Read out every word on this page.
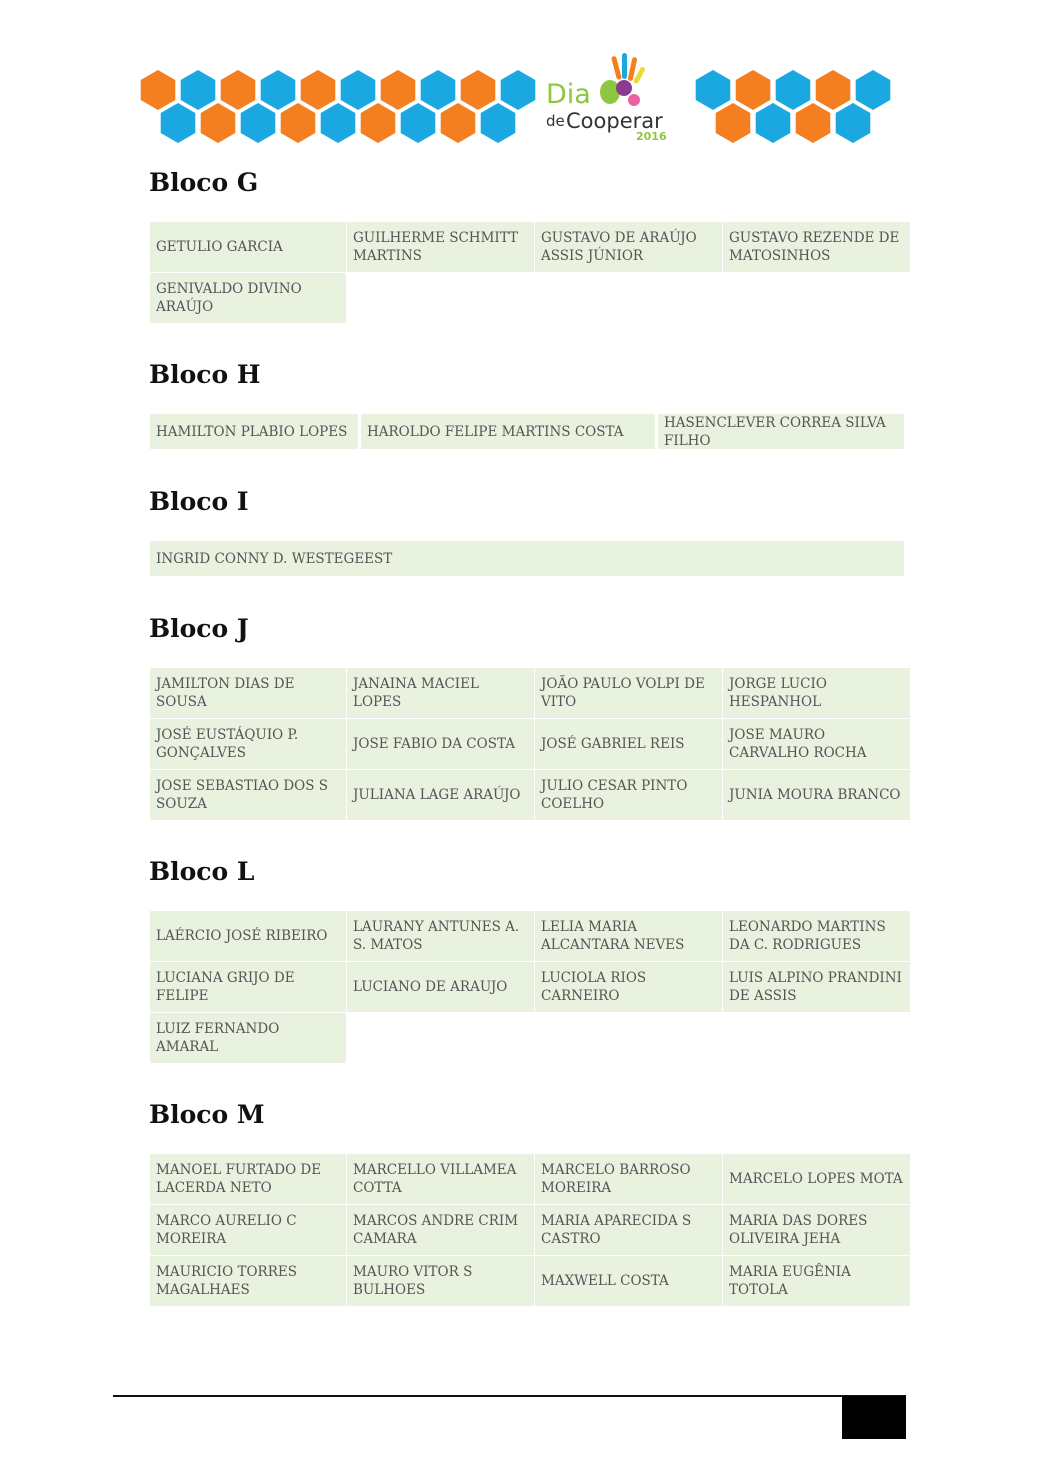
Dia
de Cooperar
2016
Bloco G
GETULIO GARCIA
GUILHERME SCHMITT MARTINS
GUSTAVO DE ARAÚJO ASSIS JÚNIOR
GUSTAVO REZENDE DE MATOSINHOS
GENIVALDO DIVINO ARAÚJO
Bloco H
HAMILTON PLABIO LOPES	HAROLDO FELIPE MARTINS COSTA
HASENCLEVER CORREA SILVA FILHO
Bloco I
INGRID CONNY D. WESTEGEEST
Bloco J
JAMILTON DIAS DE SOUSA
JANAINA MACIEL LOPES
JOÃO PAULO VOLPI DE VITO
JORGE LUCIO HESPANHOL
JOSÉ EUSTÁQUIO P. GONÇALVES
JOSE FABIO DA COSTA	JOSÉ GABRIEL REIS
JOSE MAURO CARVALHO ROCHA
JOSE SEBASTIAO DOS S SOUZA
JULIANA LAGE ARAÚJO
JULIO CESAR PINTO COELHO
JUNIA MOURA BRANCO
Bloco L
LAÉRCIO JOSÉ RIBEIRO
LAURANY ANTUNES A. S. MATOS
LELIA MARIA ALCANTARA NEVES
LEONARDO MARTINS DA C. RODRIGUES
LUCIANA GRIJO DE FELIPE
LUCIANO DE ARAUJO
LUCIOLA RIOS CARNEIRO
LUIS ALPINO PRANDINI DE ASSIS
LUIZ FERNANDO AMARAL
Bloco M
MANOEL FURTADO DE LACERDA NETO
MARCELLO VILLAMEA COTTA
MARCELO BARROSO MOREIRA
MARCELO LOPES MOTA
MARCO AURELIO C MOREIRA
MARCOS ANDRE CRIM CAMARA
MARIA APARECIDA S CASTRO
MARIA DAS DORES OLIVEIRA JEHA
MAURICIO TORRES MAGALHAES
MAURO VITOR S BULHOES
MAXWELL COSTA
MARIA EUGÊNIA TOTOLA
